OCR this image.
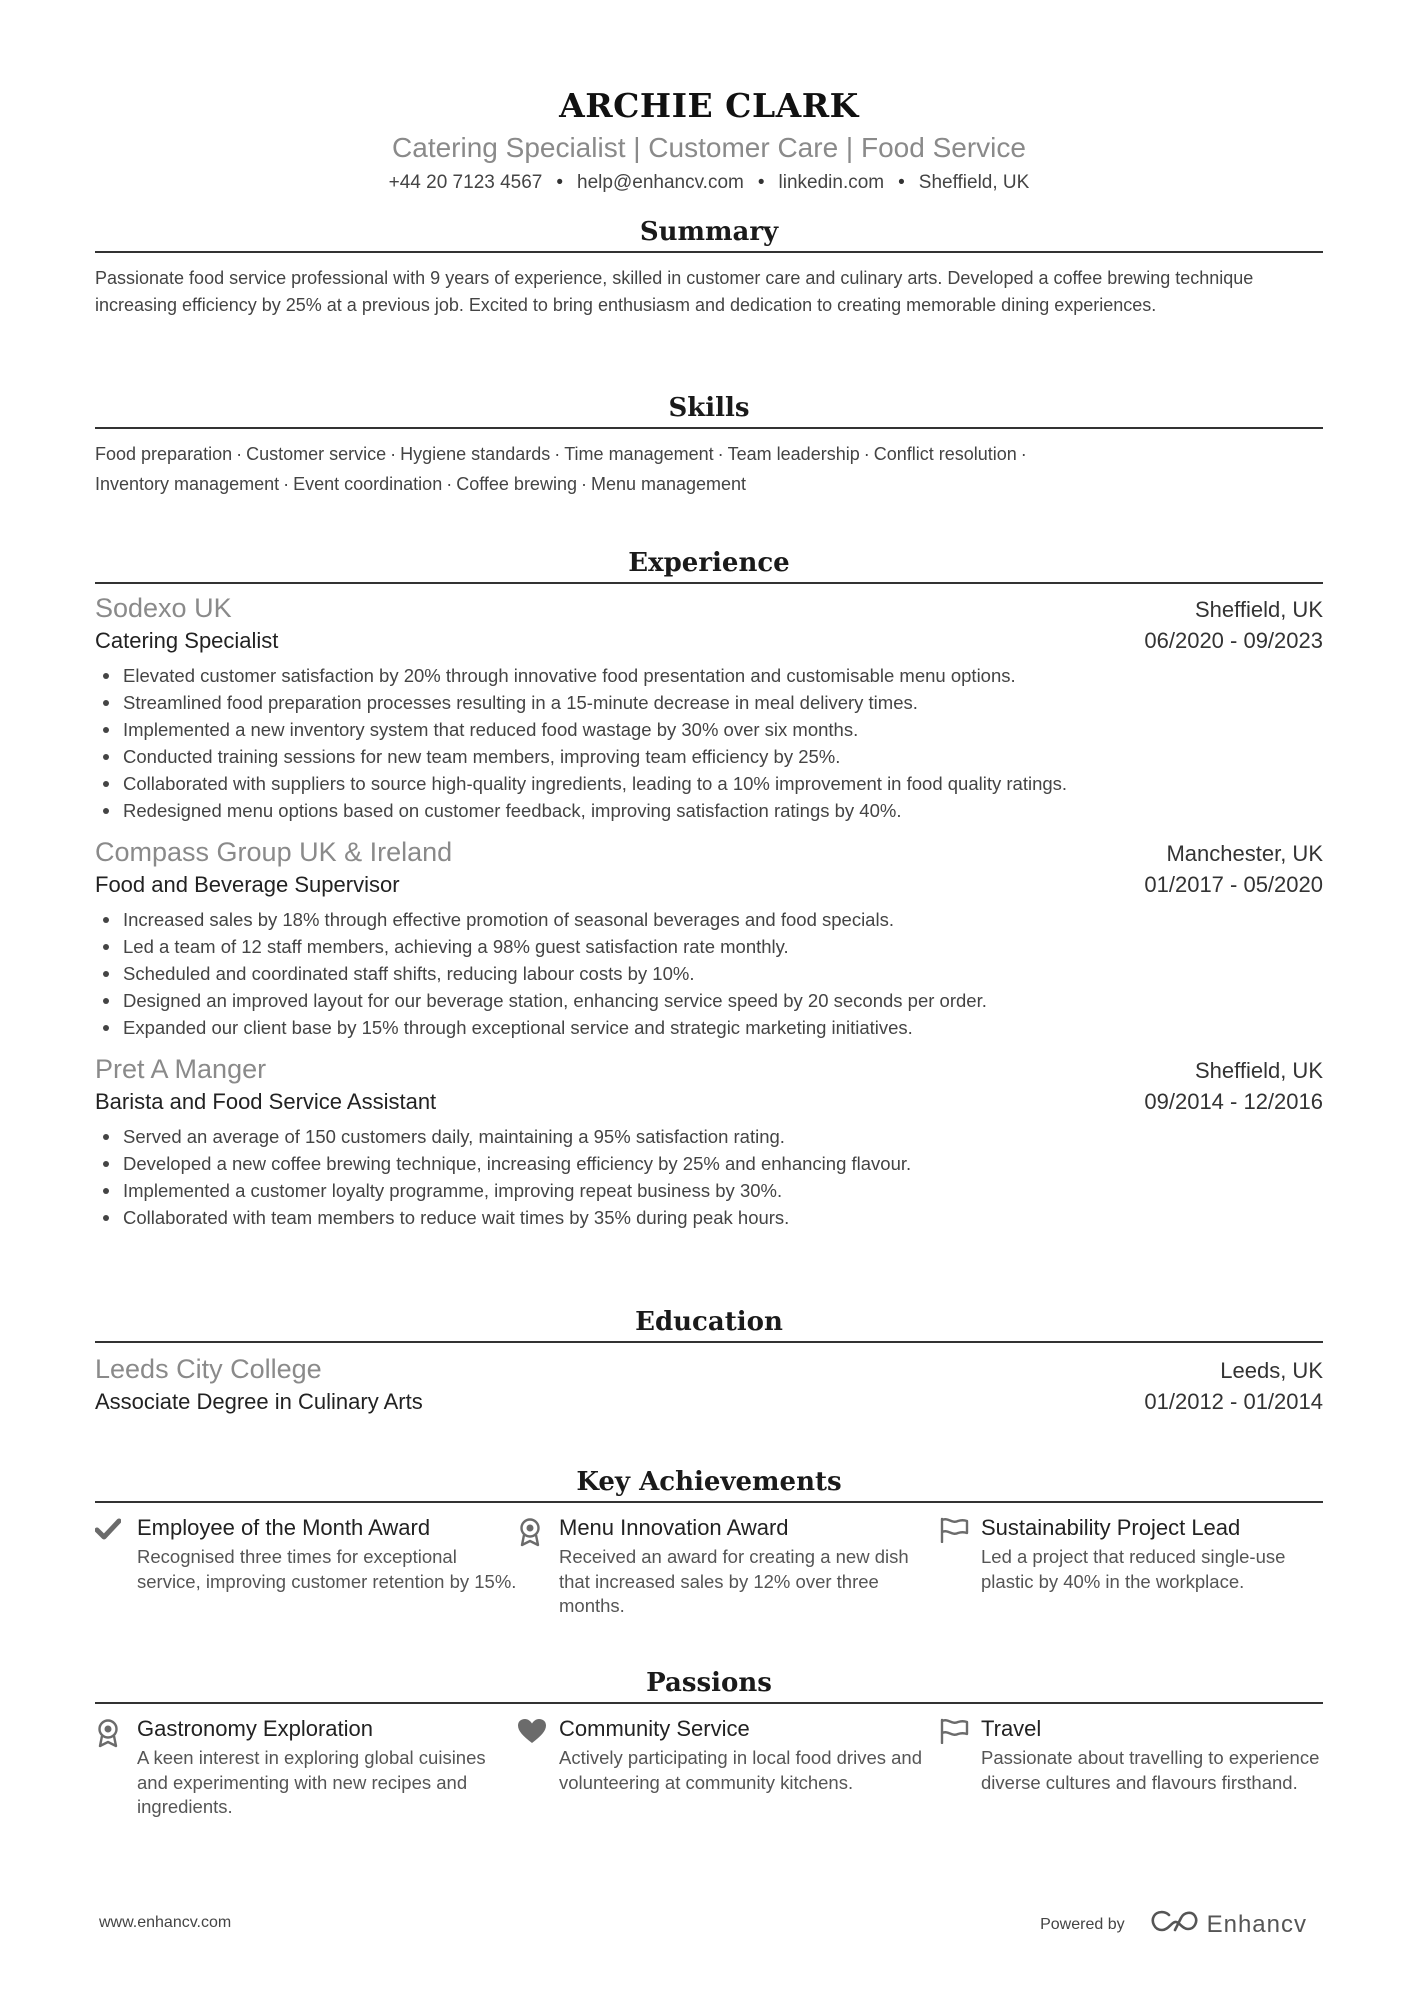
ARCHIE CLARK
Catering Specialist | Customer Care | Food Service
+44 20 7123 4567 • help@enhancv.com • linkedin.com • Sheffield, UK
Summary

Passionate food service professional with 9 years of experience, skilled in customer care and culinary arts. Developed a coffee brewing technique increasing efficiency by 25% at a previous job. Excited to bring enthusiasm and dedication to creating memorable dining experiences.

Skills
Food preparation · Customer service · Hygiene standards · Time management · Team leadership · Conflict resolution ·
Inventory management · Event coordination · Coffee brewing · Menu management
Experience
Sodexo UK	Sheffield, UK
Catering Specialist	06/2020 - 09/2023
Elevated customer satisfaction by 20% through innovative food presentation and customisable menu options.
Streamlined food preparation processes resulting in a 15-minute decrease in meal delivery times.
Implemented a new inventory system that reduced food wastage by 30% over six months.
Conducted training sessions for new team members, improving team efficiency by 25%.
Collaborated with suppliers to source high-quality ingredients, leading to a 10% improvement in food quality ratings.
Redesigned menu options based on customer feedback, improving satisfaction ratings by 40%.
Compass Group UK & Ireland	Manchester, UK
Food and Beverage Supervisor	01/2017 - 05/2020
Increased sales by 18% through effective promotion of seasonal beverages and food specials.
Led a team of 12 staff members, achieving a 98% guest satisfaction rate monthly.
Scheduled and coordinated staff shifts, reducing labour costs by 10%.
Designed an improved layout for our beverage station, enhancing service speed by 20 seconds per order.
Expanded our client base by 15% through exceptional service and strategic marketing initiatives.
Pret A Manger	Sheffield, UK
Barista and Food Service Assistant	09/2014 - 12/2016
Served an average of 150 customers daily, maintaining a 95% satisfaction rating.
Developed a new coffee brewing technique, increasing efficiency by 25% and enhancing flavour.
Implemented a customer loyalty programme, improving repeat business by 30%.
Collaborated with team members to reduce wait times by 35% during peak hours.
Education
Leeds City College	Leeds, UK
Associate Degree in Culinary Arts	01/2012 - 01/2014
Key Achievements
Employee of the Month Award
Recognised three times for exceptional service, improving customer retention by 15%.
Menu Innovation Award
Received an award for creating a new dish that increased sales by 12% over three months.
Sustainability Project Lead
Led a project that reduced single-use plastic by 40% in the workplace.
Passions
Gastronomy Exploration
A keen interest in exploring global cuisines and experimenting with new recipes and ingredients.
Community Service
Actively participating in local food drives and volunteering at community kitchens.
Travel
Passionate about travelling to experience diverse cultures and flavours firsthand.
www.enhancv.com	Powered by	Enhancv
